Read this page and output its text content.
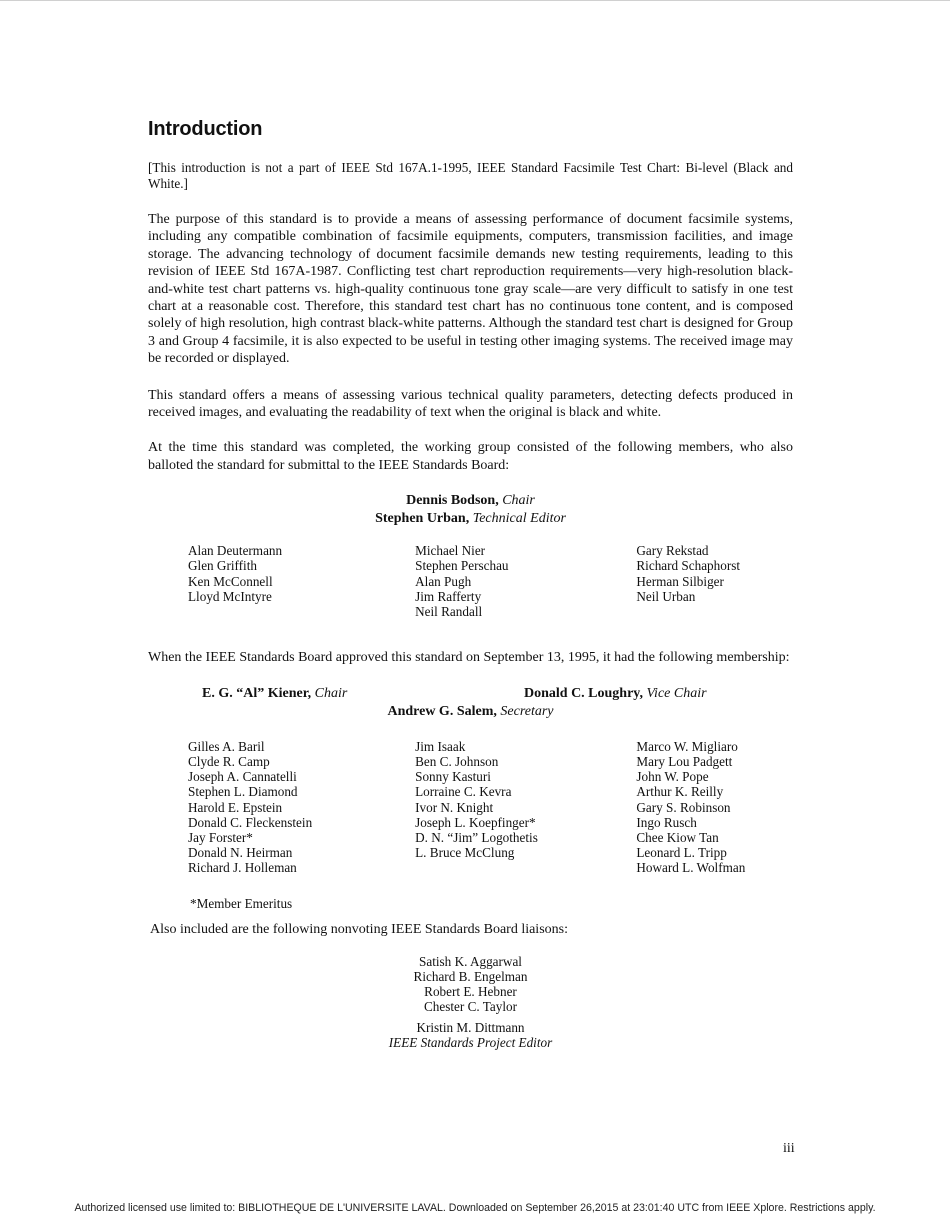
Introduction

[This introduction is not a part of IEEE Std 167A.1-1995, IEEE Standard Facsimile Test Chart: Bi-level (Black and White.]

The purpose of this standard is to provide a means of assessing performance of document facsimile systems, including any compatible combination of facsimile equipments, computers, transmission facilities, and image storage. The advancing technology of document facsimile demands new testing requirements, leading to this revision of IEEE Std 167A-1987. Conflicting test chart reproduction requirements—very high-resolution black-and-white test chart patterns vs. high-quality continuous tone gray scale—are very difficult to satisfy in one test chart at a reasonable cost. Therefore, this standard test chart has no continuous tone content, and is composed solely of high resolution, high contrast black-white patterns. Although the standard test chart is designed for Group 3 and Group 4 facsimile, it is also expected to be useful in testing other imaging systems. The received image may be recorded or displayed.

This standard offers a means of assessing various technical quality parameters, detecting defects produced in received images, and evaluating the readability of text when the original is black and white.

At the time this standard was completed, the working group consisted of the following members, who also balloted the standard for submittal to the IEEE Standards Board:

Dennis Bodson, Chair
Stephen Urban, Technical Editor
Alan Deutermann
Glen Griffith
Ken McConnell
Lloyd McIntyre
Michael Nier
Stephen Perschau
Alan Pugh
Jim Rafferty
Neil Randall
Gary Rekstad
Richard Schaphorst
Herman Silbiger
Neil Urban

When the IEEE Standards Board approved this standard on September 13, 1995, it had the following membership:

E. G. “Al” Kiener, Chair	Donald C. Loughry, Vice Chair
Andrew G. Salem, Secretary
Gilles A. Baril
Clyde R. Camp
Joseph A. Cannatelli
Stephen L. Diamond
Harold E. Epstein
Donald C. Fleckenstein
Jay Forster*
Donald N. Heirman
Richard J. Holleman
Jim Isaak
Ben C. Johnson
Sonny Kasturi
Lorraine C. Kevra
Ivor N. Knight
Joseph L. Koepfinger*
D. N. “Jim” Logothetis
L. Bruce McClung
Marco W. Migliaro
Mary Lou Padgett
John W. Pope
Arthur K. Reilly
Gary S. Robinson
Ingo Rusch
Chee Kiow Tan
Leonard L. Tripp
Howard L. Wolfman
*Member Emeritus

Also included are the following nonvoting IEEE Standards Board liaisons:

Satish K. Aggarwal
Richard B. Engelman
Robert E. Hebner
Chester C. Taylor
Kristin M. Dittmann
IEEE Standards Project Editor
iii
Authorized licensed use limited to: BIBLIOTHEQUE DE L'UNIVERSITE LAVAL. Downloaded on September 26,2015 at 23:01:40 UTC from IEEE Xplore. Restrictions apply.
